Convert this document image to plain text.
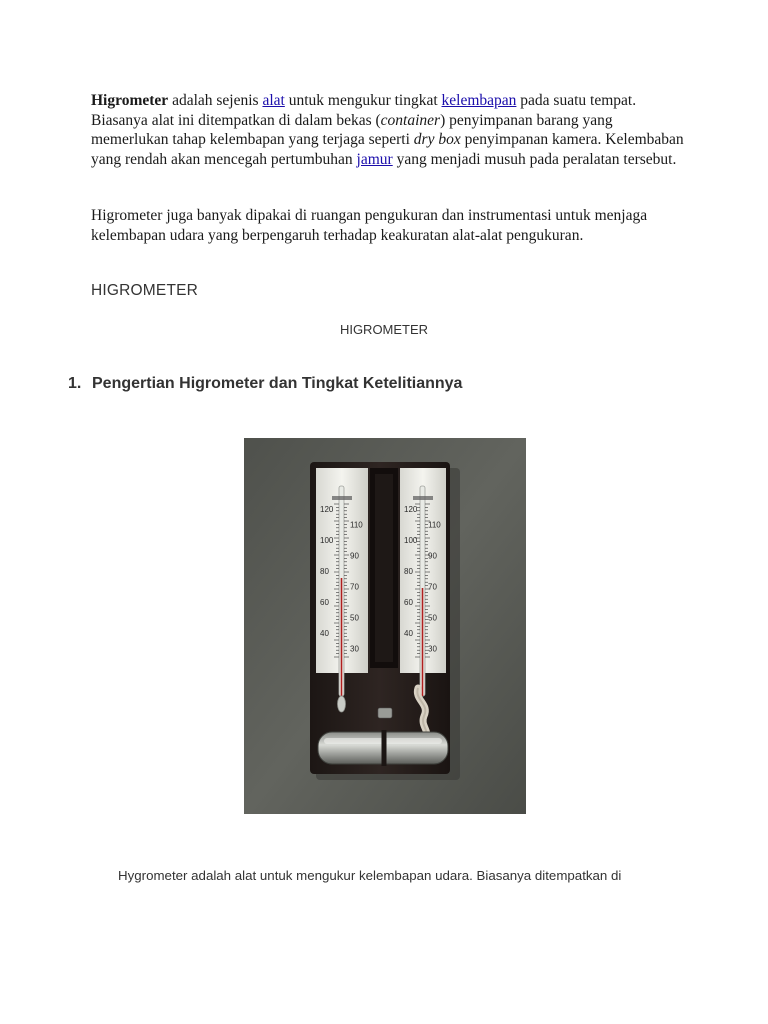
Higrometer adalah sejenis alat untuk mengukur tingkat kelembapan pada suatu tempat. Biasanya alat ini ditempatkan di dalam bekas (container) penyimpanan barang yang memerlukan tahap kelembapan yang terjaga seperti dry box penyimpanan kamera. Kelembaban yang rendah akan mencegah pertumbuhan jamur yang menjadi musuh pada peralatan tersebut.
Higrometer juga banyak dipakai di ruangan pengukuran dan instrumentasi untuk menjaga kelembapan udara yang berpengaruh terhadap keakuratan alat-alat pengukuran.
HIGROMETER
HIGROMETER
1. Pengertian Higrometer dan Tingkat Ketelitiannya
120
110
100
90
80
70
60
50
40
30
120
110
100
90
80
70
60
50
40
30
Hygrometer adalah alat untuk mengukur kelembapan udara. Biasanya ditempatkan di
